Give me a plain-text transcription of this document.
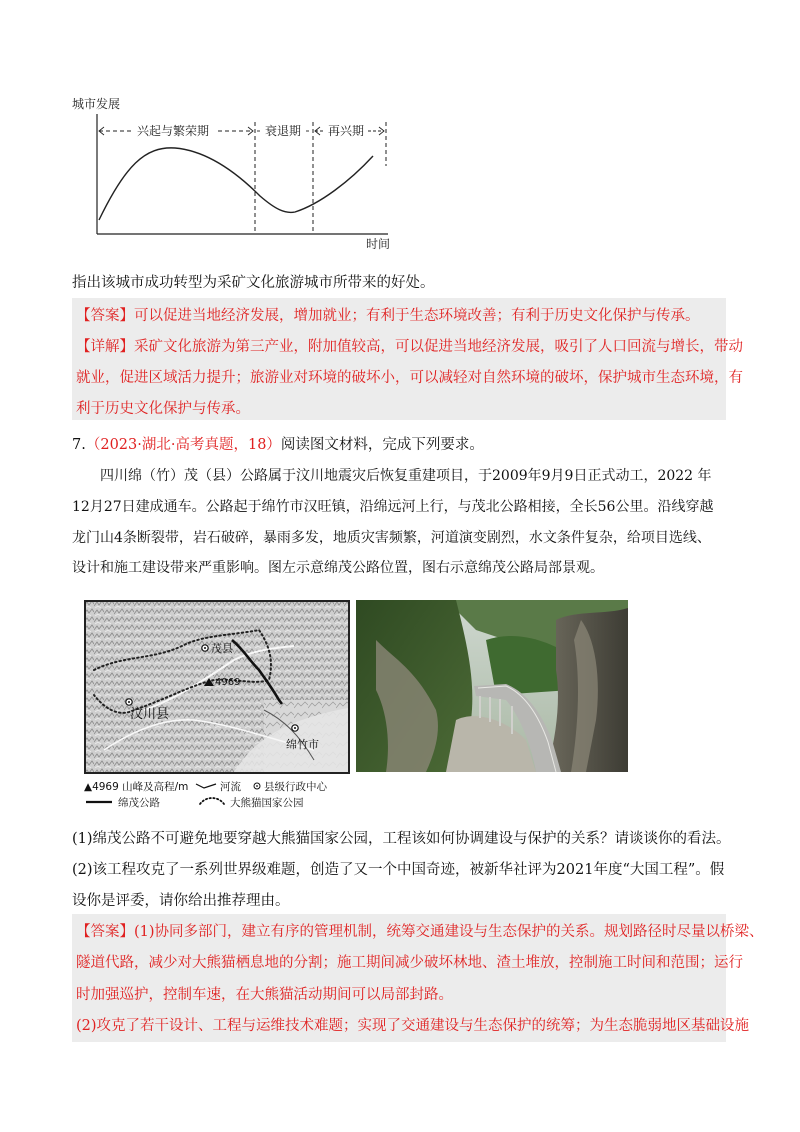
城市发展
时间
兴起与繁荣期	衰退期 再兴期
指出该城市成功转型为采矿文化旅游城市所带来的好处。
【答案】可以促进当地经济发展，增加就业；有利于生态环境改善；有利于历史文化保护与传承。
【详解】采矿文化旅游为第三产业，附加值较高，可以促进当地经济发展，吸引了人口回流与增长，带动
就业，促进区域活力提升；旅游业对环境的破坏小，可以减轻对自然环境的破坏，保护城市生态环境，有
利于历史文化保护与传承。
7.（2023·湖北·高考真题，18）阅读图文材料，完成下列要求。
四川绵（竹）茂（县）公路属于汶川地震灾后恢复重建项目，于2009年9月9日正式动工，2022 年
12月27日建成通车。公路起于绵竹市汉旺镇，沿绵远河上行，与茂北公路相接，全长56公里。沿线穿越
龙门山4条断裂带，岩石破碎，暴雨多发，地质灾害频繁，河道演变剧烈，水文条件复杂，给项目选线、
设计和施工建设带来严重影响。图左示意绵茂公路位置，图右示意绵茂公路局部景观。
茂县
汶川县
绵竹市
4969
▲4969 山峰及高程/m	河流 县级行政中心
绵茂公路	大熊猫国家公园
(1)绵茂公路不可避免地要穿越大熊猫国家公园，工程该如何协调建设与保护的关系？请谈谈你的看法。
(2)该工程攻克了一系列世界级难题，创造了又一个中国奇迹，被新华社评为2021年度“大国工程”。假
设你是评委，请你给出推荐理由。
【答案】(1)协同多部门，建立有序的管理机制，统筹交通建设与生态保护的关系。规划路径时尽量以桥梁、
隧道代路，减少对大熊猫栖息地的分割；施工期间减少破坏林地、渣土堆放，控制施工时间和范围；运行
时加强巡护，控制车速，在大熊猫活动期间可以局部封路。
(2)攻克了若干设计、工程与运维技术难题；实现了交通建设与生态保护的统筹；为生态脆弱地区基础设施
